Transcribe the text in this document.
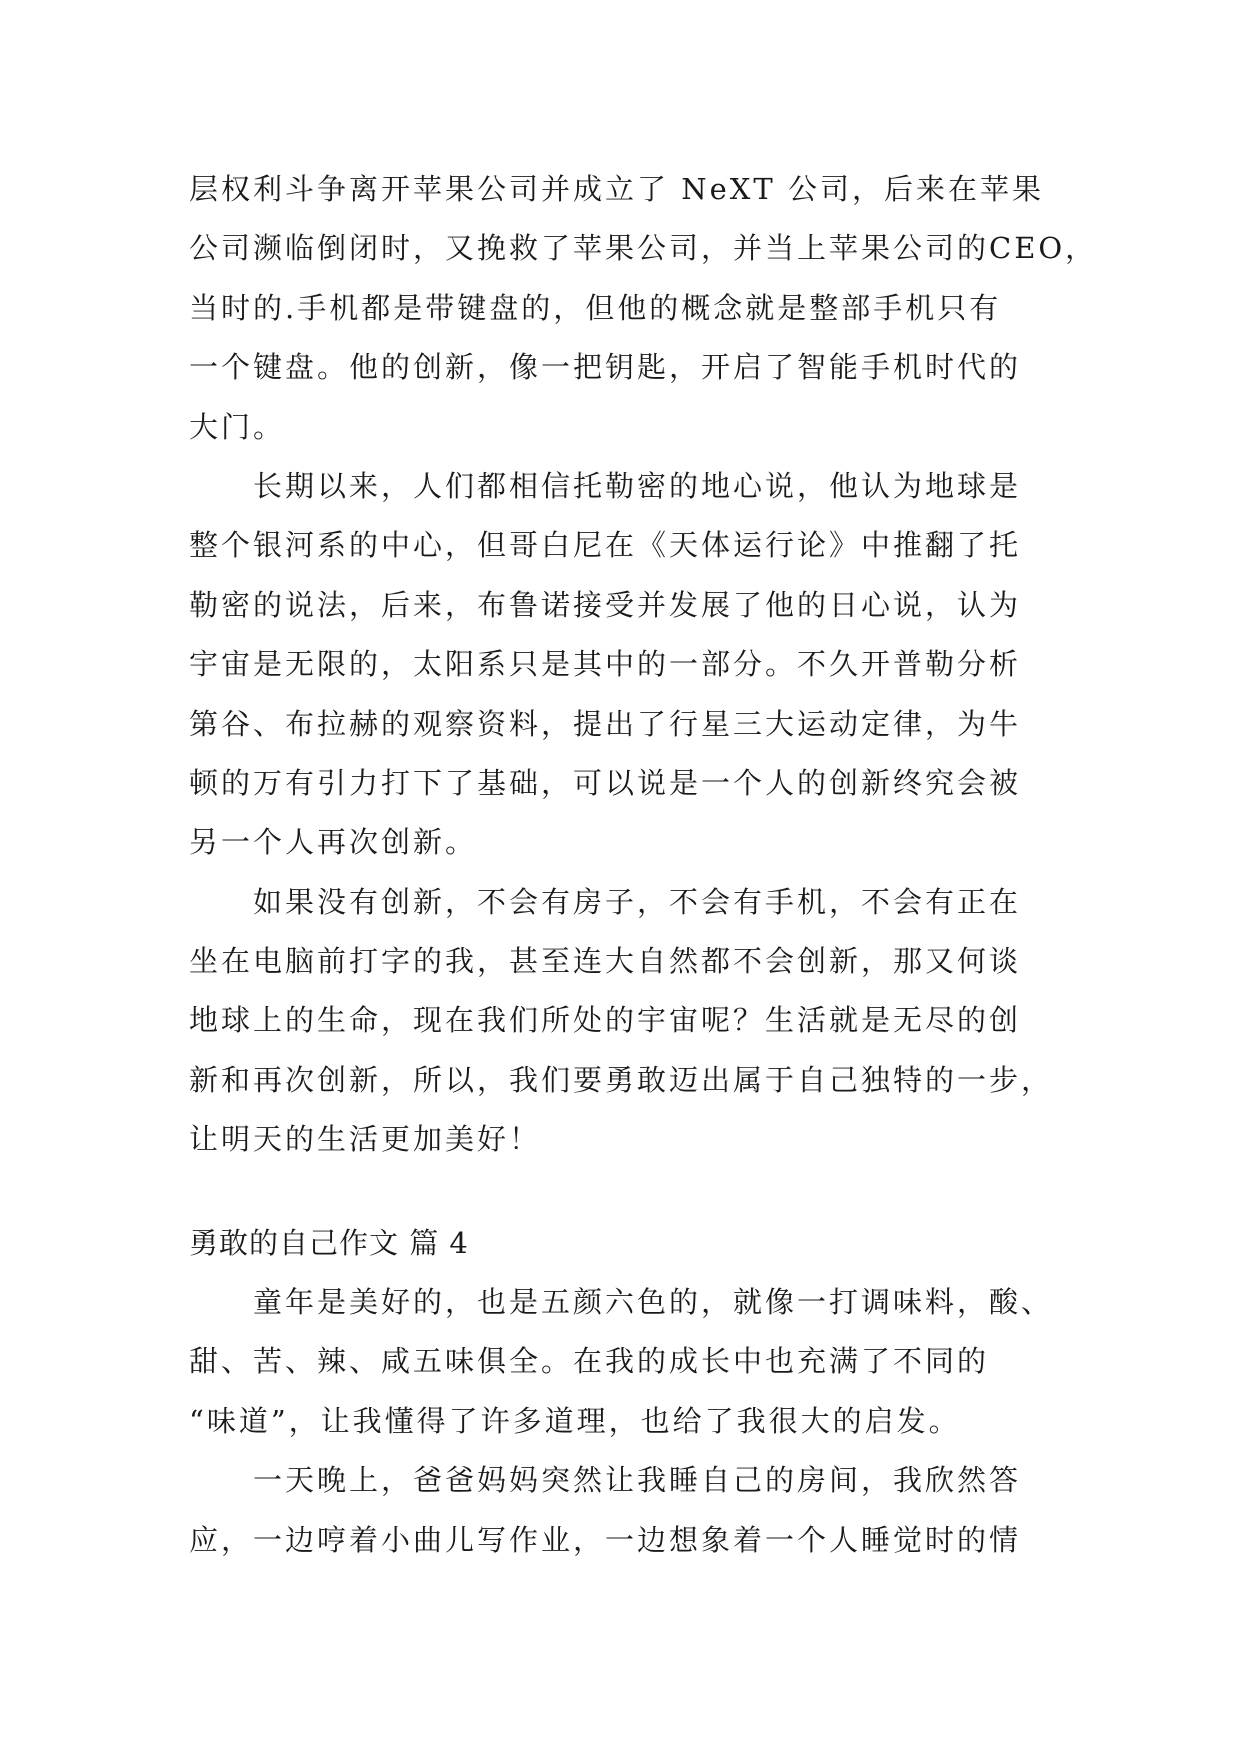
层权利斗争离开苹果公司并成立了 NeXT 公司，后来在苹果
公司濒临倒闭时，又挽救了苹果公司，并当上苹果公司的CEO，
当时的.手机都是带键盘的，但他的概念就是整部手机只有
一个键盘。他的创新，像一把钥匙，开启了智能手机时代的
大门。
长期以来，人们都相信托勒密的地心说，他认为地球是
整个银河系的中心，但哥白尼在《天体运行论》中推翻了托
勒密的说法，后来，布鲁诺接受并发展了他的日心说，认为
宇宙是无限的，太阳系只是其中的一部分。不久开普勒分析
第谷、布拉赫的观察资料，提出了行星三大运动定律，为牛
顿的万有引力打下了基础，可以说是一个人的创新终究会被
另一个人再次创新。
如果没有创新，不会有房子，不会有手机，不会有正在
坐在电脑前打字的我，甚至连大自然都不会创新，那又何谈
地球上的生命，现在我们所处的宇宙呢？生活就是无尽的创
新和再次创新，所以，我们要勇敢迈出属于自己独特的一步，
让明天的生活更加美好！
勇敢的自己作文 篇 4
童年是美好的，也是五颜六色的，就像一打调味料，酸、
甜、苦、辣、咸五味俱全。在我的成长中也充满了不同的
“味道”，让我懂得了许多道理，也给了我很大的启发。
一天晚上，爸爸妈妈突然让我睡自己的房间，我欣然答
应，一边哼着小曲儿写作业，一边想象着一个人睡觉时的情
